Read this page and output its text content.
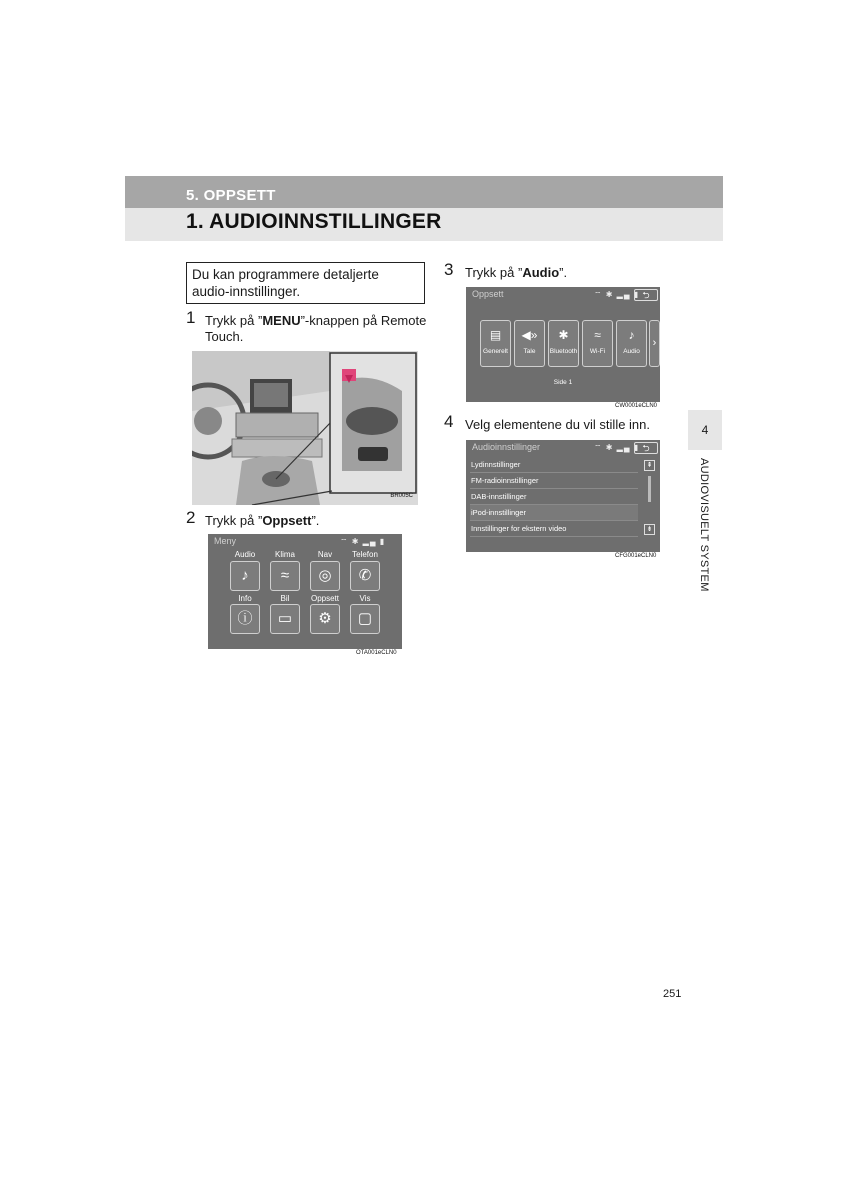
5. OPPSETT
1. AUDIOINNSTILLINGER
Du kan programmere detaljerte audio-innstillinger.
1 Trykk på ”MENU”-knappen på Remote Touch.
BR005C
2 Trykk på ”Oppsett”.
Meny	⌔ ✱ ▂▄ ▮
Audio	Klima	Nav	Telefon
♪	≈	◎	✆
Info	Bil	Oppsett	Vis
ⓘ	▭	⚙	▢
OTA001eCLN0
3 Trykk på ”Audio”.
Oppsett	⌔ ✱ ▂▄ ▮ ⮌
▤
Generelt
◀»
Tale
✱
Bluetooth
≈
Wi-Fi
♪
Audio
›
Side 1
CW0001eCLN0
4 Velg elementene du vil stille inn.
Audioinnstillinger	⌔ ✱ ▂▄ ▮ ⮌
Lydinnstillinger
FM-radioinnstillinger
DAB-innstillinger
iPod-innstillinger
Innstillinger for ekstern video
⇞
⇟
CFG001eCLN0
4
AUDIOVISUELT SYSTEM
251
